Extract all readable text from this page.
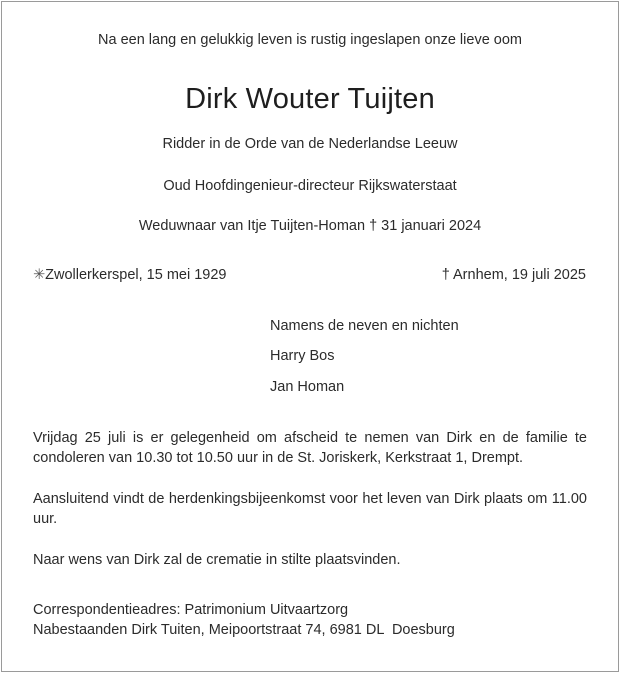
Na een lang en gelukkig leven is rustig ingeslapen onze lieve oom
Dirk Wouter Tuijten
Ridder in de Orde van de Nederlandse Leeuw
Oud Hoofdingenieur-directeur Rijkswaterstaat
Weduwnaar van Itje Tuijten-Homan † 31 januari 2024
✳Zwollerkerspel, 15 mei 1929	† Arnhem, 19 juli 2025
Namens de neven en nichten
Harry Bos
Jan Homan
Vrijdag 25 juli is er gelegenheid om afscheid te nemen van Dirk en de familie te condoleren van 10.30 tot 10.50 uur in de St. Joriskerk, Kerkstraat 1, Drempt.
Aansluitend vindt de herdenkingsbijeenkomst voor het leven van Dirk plaats om 11.00 uur.
Naar wens van Dirk zal de crematie in stilte plaatsvinden.
Correspondentieadres: Patrimonium Uitvaartzorg
Nabestaanden Dirk Tuiten, Meipoortstraat 74, 6981 DL  Doesburg
